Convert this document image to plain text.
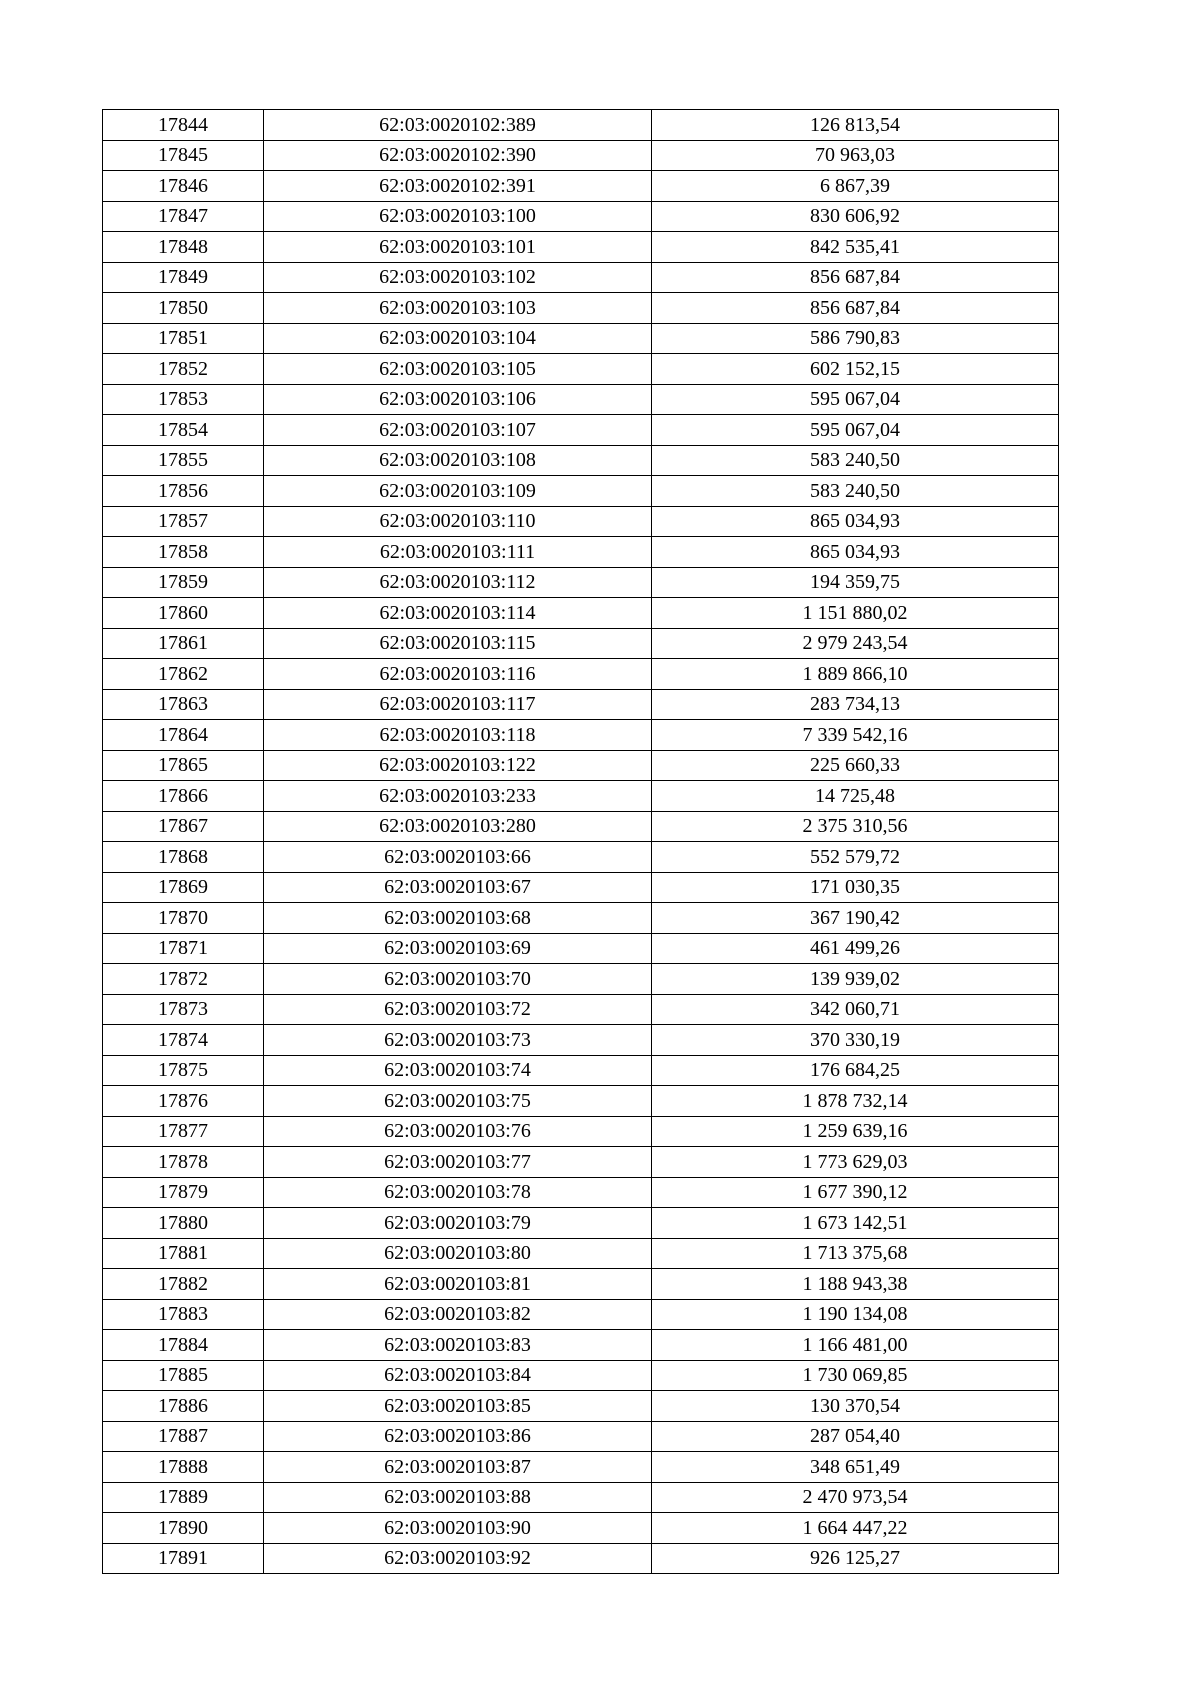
17844	62:03:0020102:389	126 813,54
17845	62:03:0020102:390	70 963,03
17846	62:03:0020102:391	6 867,39
17847	62:03:0020103:100	830 606,92
17848	62:03:0020103:101	842 535,41
17849	62:03:0020103:102	856 687,84
17850	62:03:0020103:103	856 687,84
17851	62:03:0020103:104	586 790,83
17852	62:03:0020103:105	602 152,15
17853	62:03:0020103:106	595 067,04
17854	62:03:0020103:107	595 067,04
17855	62:03:0020103:108	583 240,50
17856	62:03:0020103:109	583 240,50
17857	62:03:0020103:110	865 034,93
17858	62:03:0020103:111	865 034,93
17859	62:03:0020103:112	194 359,75
17860	62:03:0020103:114	1 151 880,02
17861	62:03:0020103:115	2 979 243,54
17862	62:03:0020103:116	1 889 866,10
17863	62:03:0020103:117	283 734,13
17864	62:03:0020103:118	7 339 542,16
17865	62:03:0020103:122	225 660,33
17866	62:03:0020103:233	14 725,48
17867	62:03:0020103:280	2 375 310,56
17868	62:03:0020103:66	552 579,72
17869	62:03:0020103:67	171 030,35
17870	62:03:0020103:68	367 190,42
17871	62:03:0020103:69	461 499,26
17872	62:03:0020103:70	139 939,02
17873	62:03:0020103:72	342 060,71
17874	62:03:0020103:73	370 330,19
17875	62:03:0020103:74	176 684,25
17876	62:03:0020103:75	1 878 732,14
17877	62:03:0020103:76	1 259 639,16
17878	62:03:0020103:77	1 773 629,03
17879	62:03:0020103:78	1 677 390,12
17880	62:03:0020103:79	1 673 142,51
17881	62:03:0020103:80	1 713 375,68
17882	62:03:0020103:81	1 188 943,38
17883	62:03:0020103:82	1 190 134,08
17884	62:03:0020103:83	1 166 481,00
17885	62:03:0020103:84	1 730 069,85
17886	62:03:0020103:85	130 370,54
17887	62:03:0020103:86	287 054,40
17888	62:03:0020103:87	348 651,49
17889	62:03:0020103:88	2 470 973,54
17890	62:03:0020103:90	1 664 447,22
17891	62:03:0020103:92	926 125,27
